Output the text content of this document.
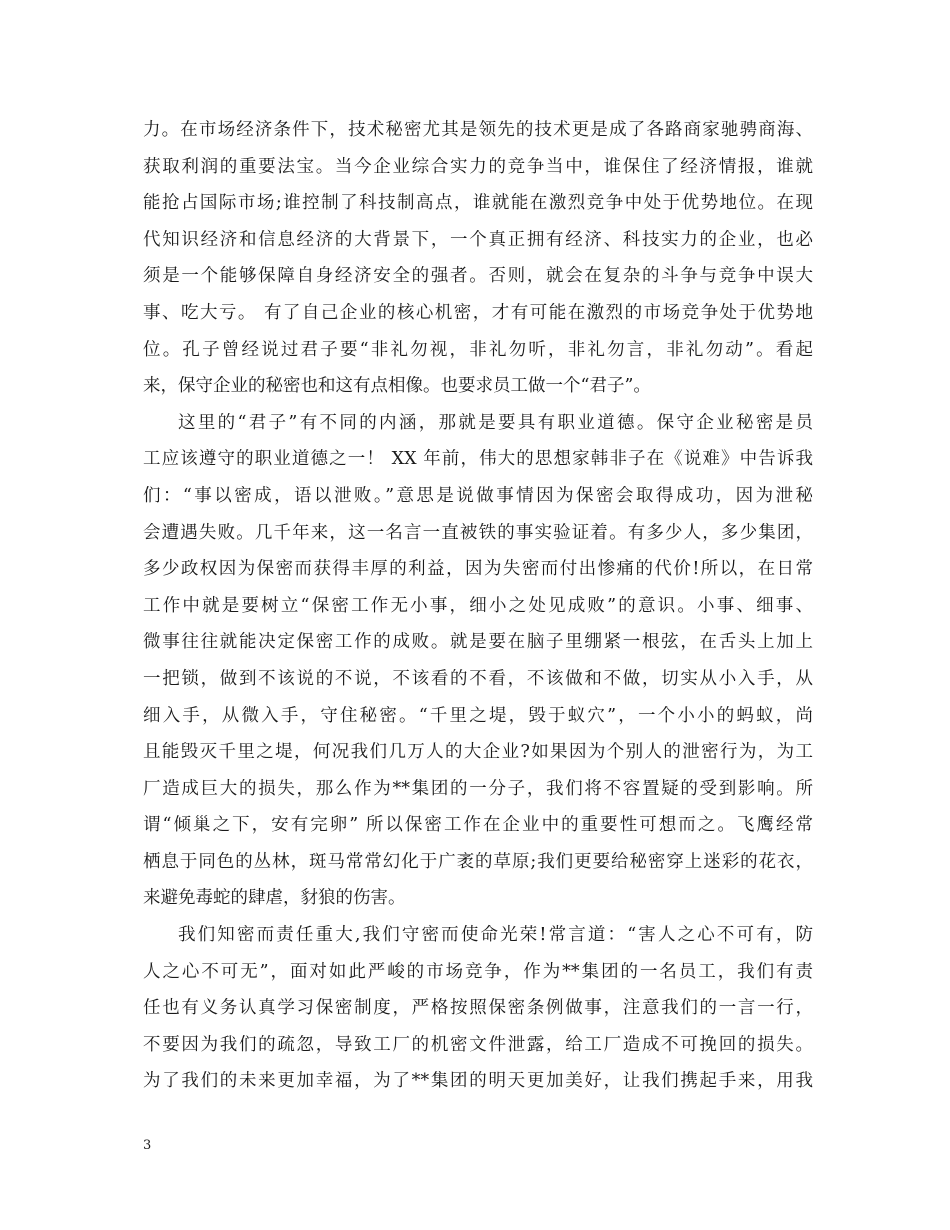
力。在市场经济条件下，技术秘密尤其是领先的技术更是成了各路商家驰骋商海、
获取利润的重要法宝。当今企业综合实力的竞争当中，谁保住了经济情报，谁就
能抢占国际市场;谁控制了科技制高点，谁就能在激烈竞争中处于优势地位。在现
代知识经济和信息经济的大背景下，一个真正拥有经济、科技实力的企业，也必
须是一个能够保障自身经济安全的强者。否则，就会在复杂的斗争与竞争中误大
事、吃大亏。 有了自己企业的核心机密，才有可能在激烈的市场竞争处于优势地
位。孔子曾经说过君子要“非礼勿视，非礼勿听，非礼勿言，非礼勿动”。看起
来，保守企业的秘密也和这有点相像。也要求员工做一个“君子”。
这里的“君子”有不同的内涵，那就是要具有职业道德。保守企业秘密是员
工应该遵守的职业道德之一！ XX 年前，伟大的思想家韩非子在《说难》中告诉我
们：“事以密成，语以泄败。”意思是说做事情因为保密会取得成功，因为泄秘
会遭遇失败。几千年来，这一名言一直被铁的事实验证着。有多少人，多少集团，
多少政权因为保密而获得丰厚的利益，因为失密而付出惨痛的代价!所以，在日常
工作中就是要树立“保密工作无小事，细小之处见成败”的意识。小事、细事、
微事往往就能决定保密工作的成败。就是要在脑子里绷紧一根弦，在舌头上加上
一把锁，做到不该说的不说，不该看的不看，不该做和不做，切实从小入手，从
细入手，从微入手，守住秘密。“千里之堤，毁于蚁穴”，一个小小的蚂蚁，尚
且能毁灭千里之堤，何况我们几万人的大企业?如果因为个别人的泄密行为，为工
厂造成巨大的损失，那么作为**集团的一分子，我们将不容置疑的受到影响。所
谓“倾巢之下，安有完卵” 所以保密工作在企业中的重要性可想而之。飞鹰经常
栖息于同色的丛林，斑马常常幻化于广袤的草原;我们更要给秘密穿上迷彩的花衣，
来避免毒蛇的肆虐，豺狼的伤害。
我们知密而责任重大,我们守密而使命光荣!常言道：“害人之心不可有，防
人之心不可无”，面对如此严峻的市场竞争，作为**集团的一名员工，我们有责
任也有义务认真学习保密制度，严格按照保密条例做事，注意我们的一言一行，
不要因为我们的疏忽，导致工厂的机密文件泄露，给工厂造成不可挽回的损失。
为了我们的未来更加幸福，为了**集团的明天更加美好，让我们携起手来，用我
3
